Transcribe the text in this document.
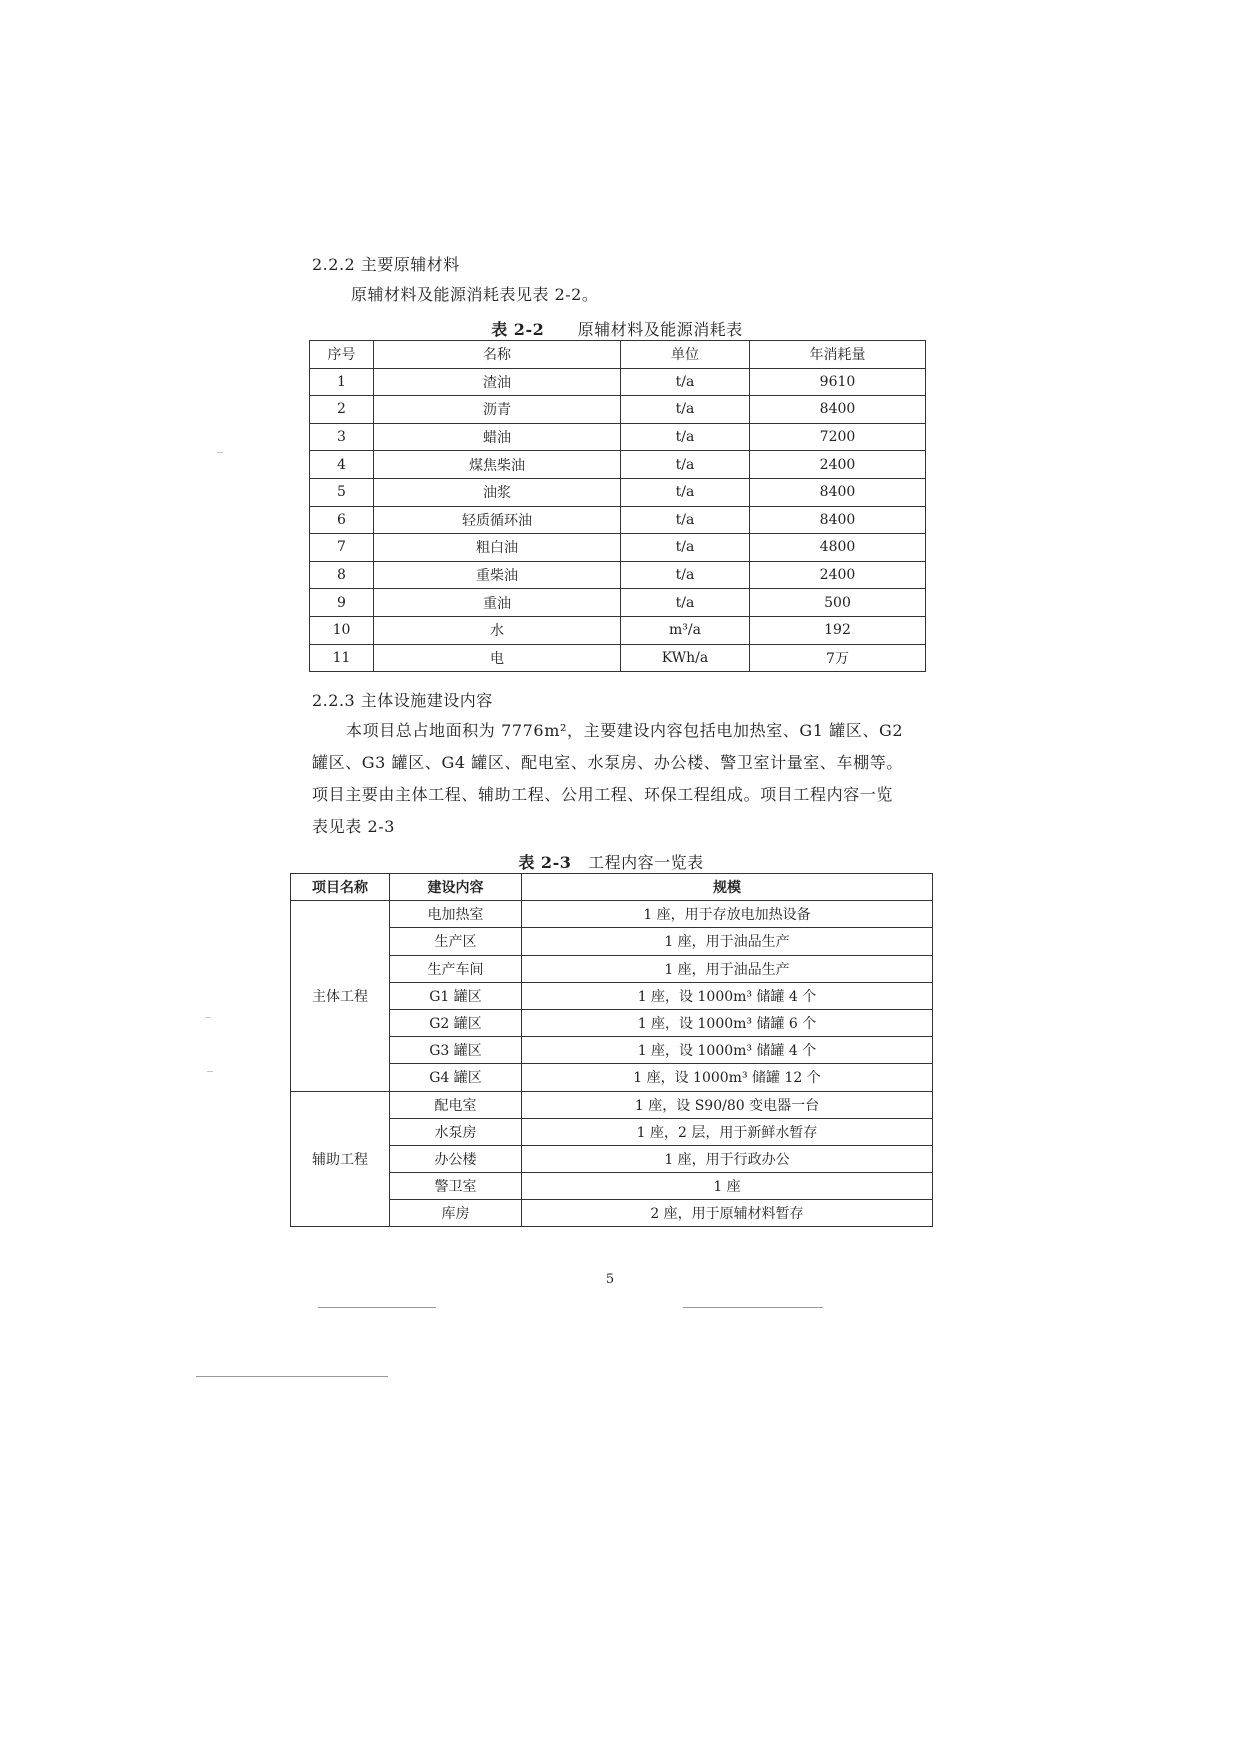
2.2.2 主要原辅材料
原辅材料及能源消耗表见表 2-2。
表 2-2 原辅材料及能源消耗表
序号	名称	单位	年消耗量
1	渣油	t/a	9610
2	沥青	t/a	8400
3	蜡油	t/a	7200
4	煤焦柴油	t/a	2400
5	油浆	t/a	8400
6	轻质循环油	t/a	8400
7	粗白油	t/a	4800
8	重柴油	t/a	2400
9	重油	t/a	500
10	水	m³/a	192
11	电	KWh/a	7万
2.2.3 主体设施建设内容
本项目总占地面积为 7776m²，主要建设内容包括电加热室、G1 罐区、G2
罐区、G3 罐区、G4 罐区、配电室、水泵房、办公楼、警卫室计量室、车棚等。
项目主要由主体工程、辅助工程、公用工程、环保工程组成。项目工程内容一览
表见表 2-3
表 2-3 工程内容一览表
项目名称	建设内容	规模
主体工程	电加热室	1 座，用于存放电加热设备
	生产区	1 座，用于油品生产
	生产车间	1 座，用于油品生产
	G1 罐区	1 座，设 1000m³ 储罐 4 个
	G2 罐区	1 座，设 1000m³ 储罐 6 个
	G3 罐区	1 座，设 1000m³ 储罐 4 个
	G4 罐区	1 座，设 1000m³ 储罐 12 个
辅助工程	配电室	1 座，设 S90/80 变电器一台
	水泵房	1 座，2 层，用于新鲜水暂存
	办公楼	1 座，用于行政办公
	警卫室	1 座
	库房	2 座，用于原辅材料暂存
5
